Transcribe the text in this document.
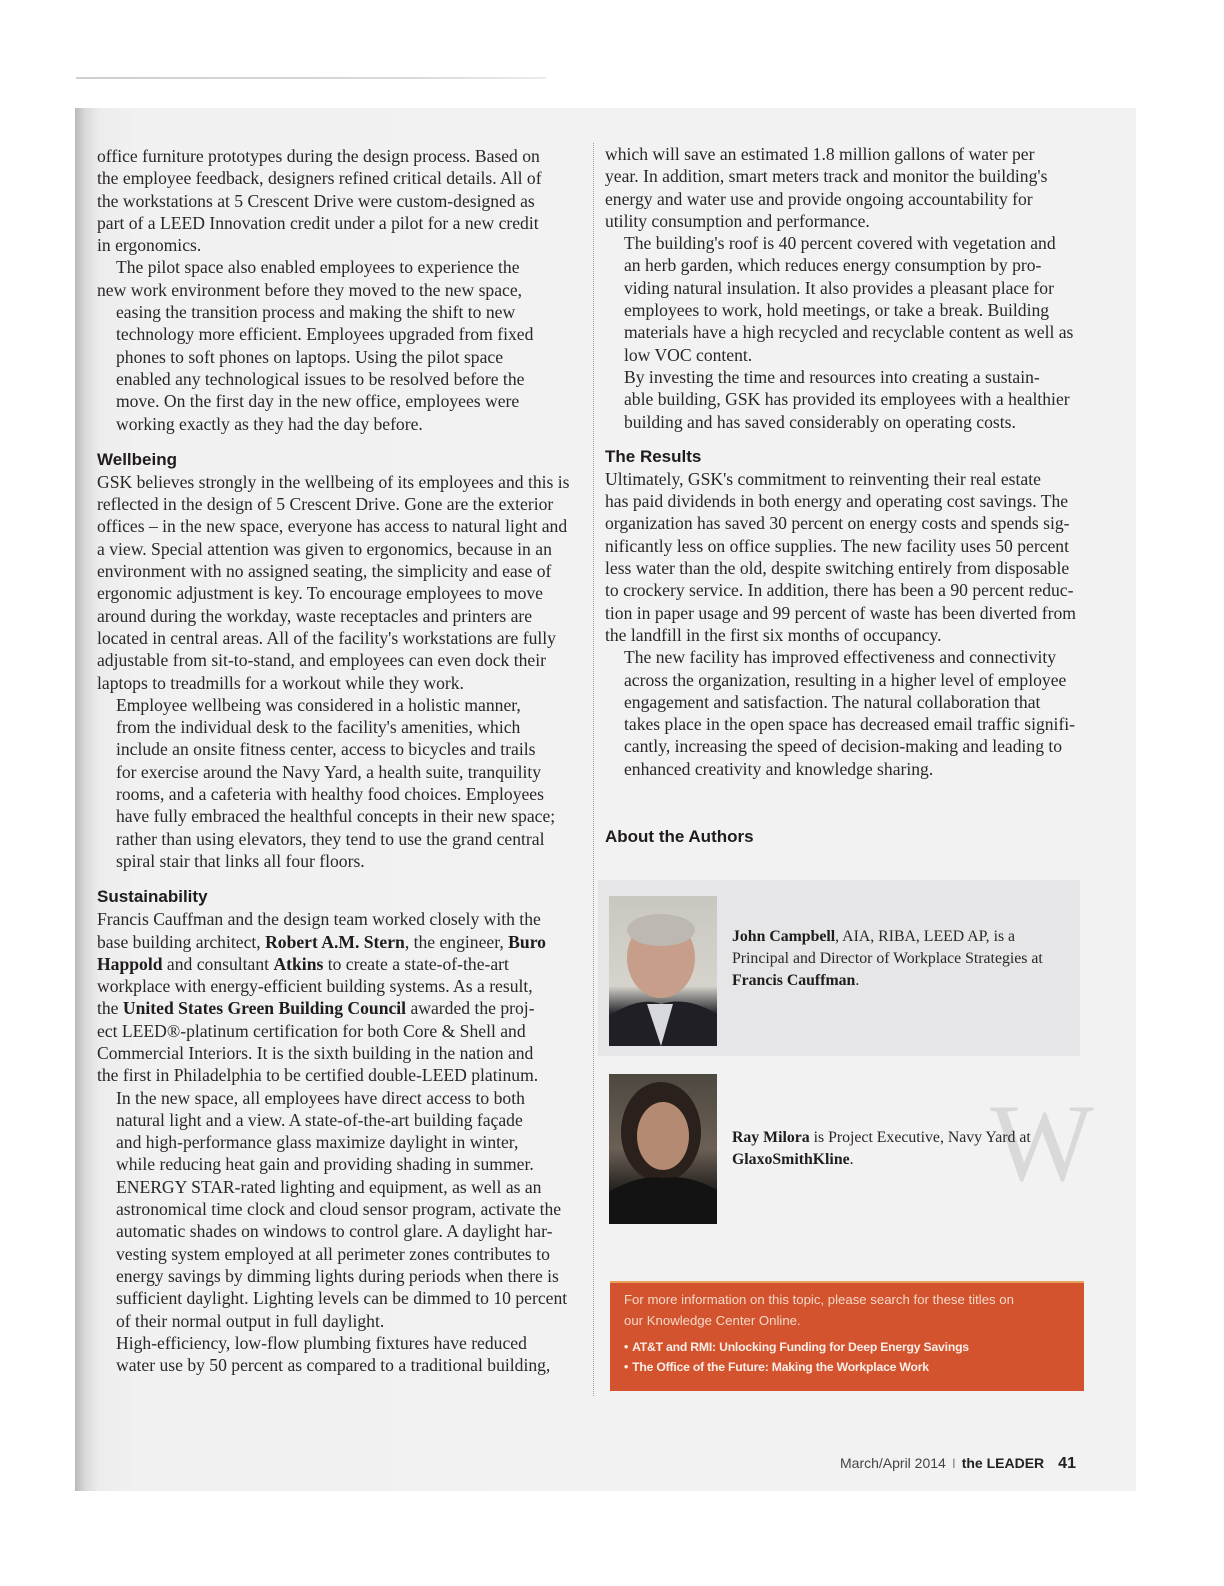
W

office furniture prototypes during the design process. Based on
the employee feedback, designers refined critical details. All of
the workstations at 5 Crescent Drive were custom-designed as
part of a LEED Innovation credit under a pilot for a new credit
in ergonomics.

The pilot space also enabled employees to experience the
new work environment before they moved to the new space,
easing the transition process and making the shift to new
technology more efficient. Employees upgraded from fixed
phones to soft phones on laptops. Using the pilot space
enabled any technological issues to be resolved before the
move. On the first day in the new office, employees were
working exactly as they had the day before.

Wellbeing

GSK believes strongly in the wellbeing of its employees and this is
reflected in the design of 5 Crescent Drive. Gone are the exterior
offices – in the new space, everyone has access to natural light and
a view. Special attention was given to ergonomics, because in an
environment with no assigned seating, the simplicity and ease of
ergonomic adjustment is key. To encourage employees to move
around during the workday, waste receptacles and printers are
located in central areas. All of the facility's workstations are fully
adjustable from sit-to-stand, and employees can even dock their
laptops to treadmills for a workout while they work.

Employee wellbeing was considered in a holistic manner,
from the individual desk to the facility's amenities, which
include an onsite fitness center, access to bicycles and trails
for exercise around the Navy Yard, a health suite, tranquility
rooms, and a cafeteria with healthy food choices. Employees
have fully embraced the healthful concepts in their new space;
rather than using elevators, they tend to use the grand central
spiral stair that links all four floors.

Sustainability

Francis Cauffman and the design team worked closely with the
base building architect, Robert A.M. Stern, the engineer, Buro
Happold and consultant Atkins to create a state-of-the-art
workplace with energy-efficient building systems. As a result,
the United States Green Building Council awarded the proj-
ect LEED®-platinum certification for both Core & Shell and
Commercial Interiors. It is the sixth building in the nation and
the first in Philadelphia to be certified double-LEED platinum.

In the new space, all employees have direct access to both
natural light and a view. A state-of-the-art building façade
and high-performance glass maximize daylight in winter,
while reducing heat gain and providing shading in summer.
ENERGY STAR-rated lighting and equipment, as well as an
astronomical time clock and cloud sensor program, activate the
automatic shades on windows to control glare. A daylight har-
vesting system employed at all perimeter zones contributes to
energy savings by dimming lights during periods when there is
sufficient daylight. Lighting levels can be dimmed to 10 percent
of their normal output in full daylight.

High-efficiency, low-flow plumbing fixtures have reduced
water use by 50 percent as compared to a traditional building,

which will save an estimated 1.8 million gallons of water per
year. In addition, smart meters track and monitor the building's
energy and water use and provide ongoing accountability for
utility consumption and performance.

The building's roof is 40 percent covered with vegetation and
an herb garden, which reduces energy consumption by pro-
viding natural insulation. It also provides a pleasant place for
employees to work, hold meetings, or take a break. Building
materials have a high recycled and recyclable content as well as
low VOC content.

By investing the time and resources into creating a sustain-
able building, GSK has provided its employees with a healthier
building and has saved considerably on operating costs.

The Results

Ultimately, GSK's commitment to reinventing their real estate
has paid dividends in both energy and operating cost savings. The
organization has saved 30 percent on energy costs and spends sig-
nificantly less on office supplies. The new facility uses 50 percent
less water than the old, despite switching entirely from disposable
to crockery service. In addition, there has been a 90 percent reduc-
tion in paper usage and 99 percent of waste has been diverted from
the landfill in the first six months of occupancy.

The new facility has improved effectiveness and connectivity
across the organization, resulting in a higher level of employee
engagement and satisfaction. The natural collaboration that
takes place in the open space has decreased email traffic signifi-
cantly, increasing the speed of decision-making and leading to
enhanced creativity and knowledge sharing.

About the Authors
John Campbell, AIA, RIBA, LEED AP, is a
Principal and Director of Workplace Strategies at
Francis Cauffman.
Ray Milora is Project Executive, Navy Yard at
GlaxoSmithKline.
For more information on this topic, please search for these titles on
our Knowledge Center Online.
• AT&T and RMI: Unlocking Funding for Deep Energy Savings
• The Office of the Future: Making the Workplace Work
March/April 2014 I the LEADER 41
